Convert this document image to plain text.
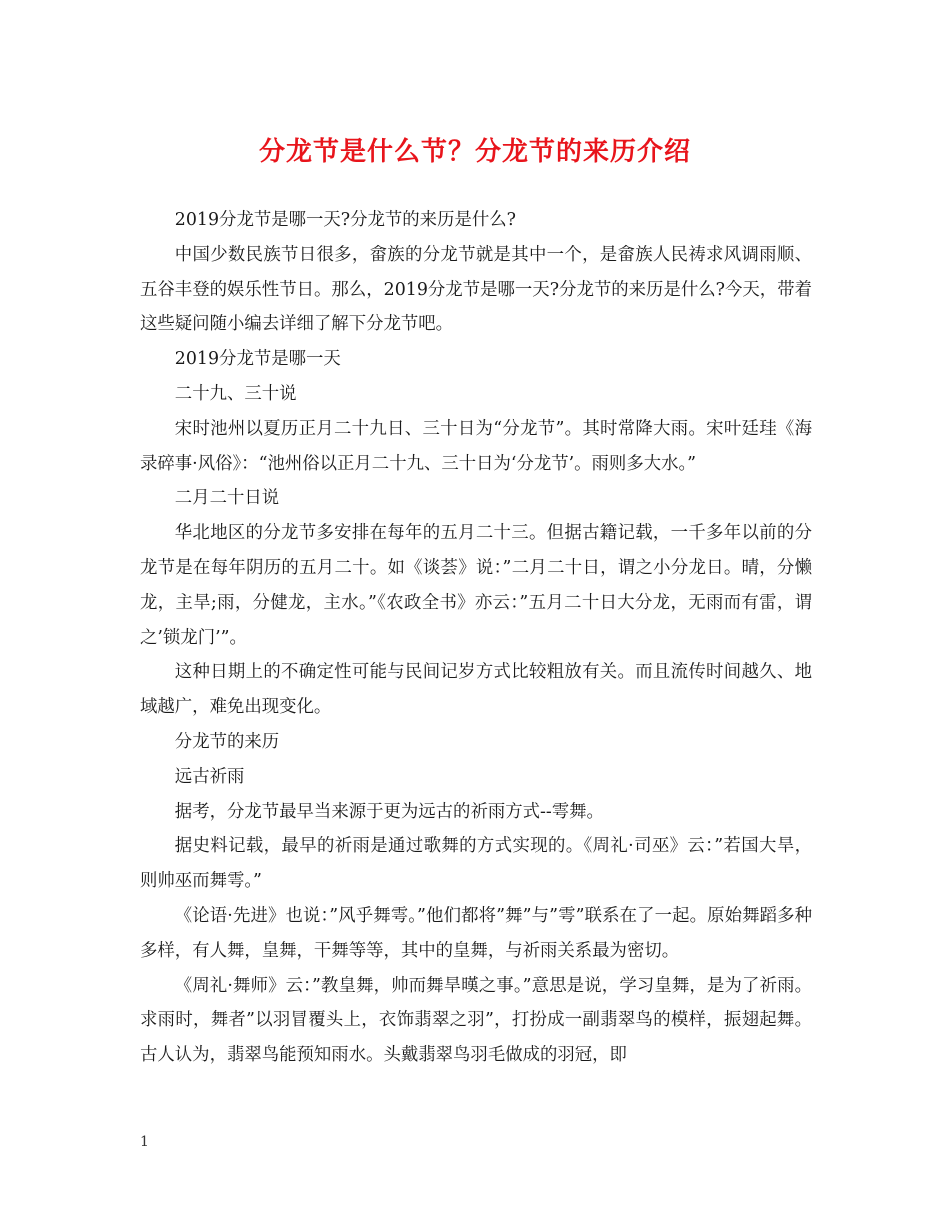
分龙节是什么节？分龙节的来历介绍

2019分龙节是哪一天?分龙节的来历是什么?

中国少数民族节日很多，畲族的分龙节就是其中一个，是畲族人民祷求风调雨顺、五谷丰登的娱乐性节日。那么，2019分龙节是哪一天?分龙节的来历是什么?今天，带着这些疑问随小编去详细了解下分龙节吧。

2019分龙节是哪一天

二十九、三十说

宋时池州以夏历正月二十九日、三十日为“分龙节”。其时常降大雨。宋叶廷珪《海录碎事·风俗》：“池州俗以正月二十九、三十日为‘分龙节’。雨则多大水。”

二月二十日说

华北地区的分龙节多安排在每年的五月二十三。但据古籍记载，一千多年以前的分龙节是在每年阴历的五月二十。如《谈荟》说：”二月二十日，谓之小分龙日。晴，分懒龙，主旱;雨，分健龙，主水。”《农政全书》亦云：”五月二十日大分龙，无雨而有雷，谓之’锁龙门’”。

这种日期上的不确定性可能与民间记岁方式比较粗放有关。而且流传时间越久、地域越广，难免出现变化。

分龙节的来历

远古祈雨

据考，分龙节最早当来源于更为远古的祈雨方式--雩舞。

据史料记载，最早的祈雨是通过歌舞的方式实现的。《周礼·司巫》云：”若国大旱，则帅巫而舞雩。”

《论语·先进》也说：”风乎舞雩。”他们都将”舞”与”雩”联系在了一起。原始舞蹈多种多样，有人舞，皇舞，干舞等等，其中的皇舞，与祈雨关系最为密切。

《周礼·舞师》云：”教皇舞，帅而舞旱暵之事。”意思是说，学习皇舞，是为了祈雨。求雨时，舞者”以羽冒覆头上，衣饰翡翠之羽”，打扮成一副翡翠鸟的模样，振翅起舞。古人认为，翡翠鸟能预知雨水。头戴翡翠鸟羽毛做成的羽冠，即

1
